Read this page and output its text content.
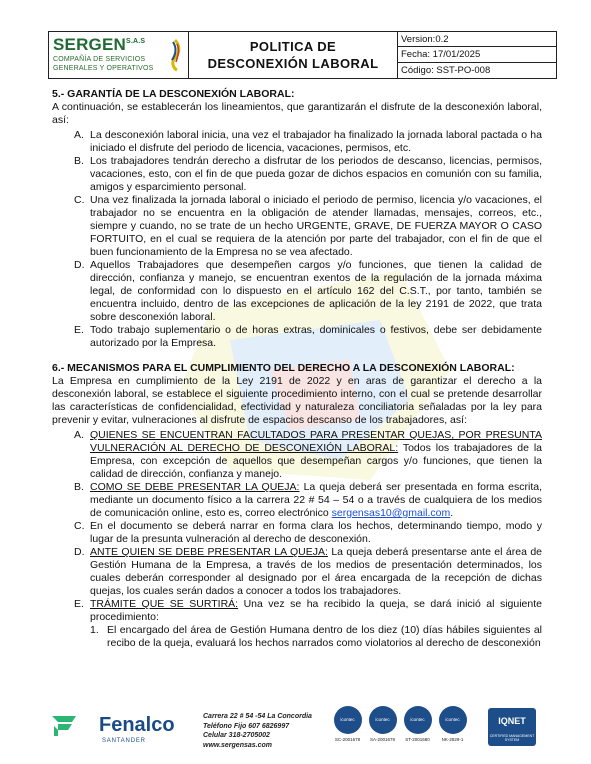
$SERGEN^{S.A.S}$
COMPAÑÍA DE SERVICIOS
GENERALES Y OPERATIVOS
POLITICA DE
DESCONEXIÓN LABORAL
Version:0.2
Fecha: 17/01/2025
Código: SST-PO-008

5.- GARANTÍA DE LA DESCONEXIÓN LABORAL:

A continuación, se establecerán los lineamientos, que garantizarán el disfrute de la desconexión laboral, así:

A. La desconexión laboral inicia, una vez el trabajador ha finalizado la jornada laboral pactada o ha iniciado el disfrute del periodo de licencia, vacaciones, permisos, etc.
B. Los trabajadores tendrán derecho a disfrutar de los periodos de descanso, licencias, permisos, vacaciones, esto, con el fin de que pueda gozar de dichos espacios en comunión con su familia, amigos y esparcimiento personal.
C. Una vez finalizada la jornada laboral o iniciado el periodo de permiso, licencia y/o vacaciones, el trabajador no se encuentra en la obligación de atender llamadas, mensajes, correos, etc., siempre y cuando, no se trate de un hecho URGENTE, GRAVE, DE FUERZA MAYOR O CASO FORTUITO, en el cual se requiera de la atención por parte del trabajador, con el fin de que el buen funcionamiento de la Empresa no se vea afectado.
D. Aquellos Trabajadores que desempeñen cargos y/o funciones, que tienen la calidad de dirección, confianza y manejo, se encuentran exentos de la regulación de la jornada máxima legal, de conformidad con lo dispuesto en el artículo 162 del C.S.T., por tanto, también se encuentra incluido, dentro de las excepciones de aplicación de la ley 2191 de 2022, que trata sobre desconexión laboral.
E. Todo trabajo suplementario o de horas extras, dominicales o festivos, debe ser debidamente autorizado por la Empresa.

6.- MECANISMOS PARA EL CUMPLIMIENTO DEL DERECHO A LA DESCONEXIÓN LABORAL:

La Empresa en cumplimiento de la Ley 2191 de 2022 y en aras de garantizar el derecho a la desconexión laboral, se establece el siguiente procedimiento interno, con el cual se pretende desarrollar las características de confidencialidad, efectividad y naturaleza conciliatoria señaladas por la ley para prevenir y evitar, vulneraciones al disfrute de espacios descanso de los trabajadores, así:

A. QUIENES SE ENCUENTRAN FACULTADOS PARA PRESENTAR QUEJAS, POR PRESUNTA VULNERACIÓN AL DERECHO DE DESCONEXIÓN LABORAL: Todos los trabajadores de la Empresa, con excepción de aquellos que desempeñan cargos y/o funciones, que tienen la calidad de dirección, confianza y manejo.
B. COMO SE DEBE PRESENTAR LA QUEJA: La queja deberá ser presentada en forma escrita, mediante un documento físico a la carrera 22 # 54 – 54 o a través de cualquiera de los medios de comunicación online, esto es, correo electrónico sergensas10@gmail.com.
C. En el documento se deberá narrar en forma clara los hechos, determinando tiempo, modo y lugar de la presunta vulneración al derecho de desconexión.
D. ANTE QUIEN SE DEBE PRESENTAR LA QUEJA: La queja deberá presentarse ante el área de Gestión Humana de la Empresa, a través de los medios de presentación determinados, los cuales deberán corresponder al designado por el área encargada de la recepción de dichas quejas, los cuales serán dados a conocer a todos los trabajadores.
E. TRÁMITE QUE SE SURTIRÁ: Una vez se ha recibido la queja, se dará inició al siguiente procedimiento:
1. El encargado del área de Gestión Humana dentro de los diez (10) días hábiles siguientes al recibo de la queja, evaluará los hechos narrados como violatorios al derecho de desconexión
Fenalco
SANTANDER
Carrera 22 # 54 -54 La Concordia
Teléfono Fijo 607 6826997
Celular 318-2705002
www.sergensas.com
icontec
SC-2001678
icontec
SA-2001679
icontec
ST-2001680
icontec
NK-2829-1
IQNET
CERTIFIED MANAGEMENT SYSTEM
